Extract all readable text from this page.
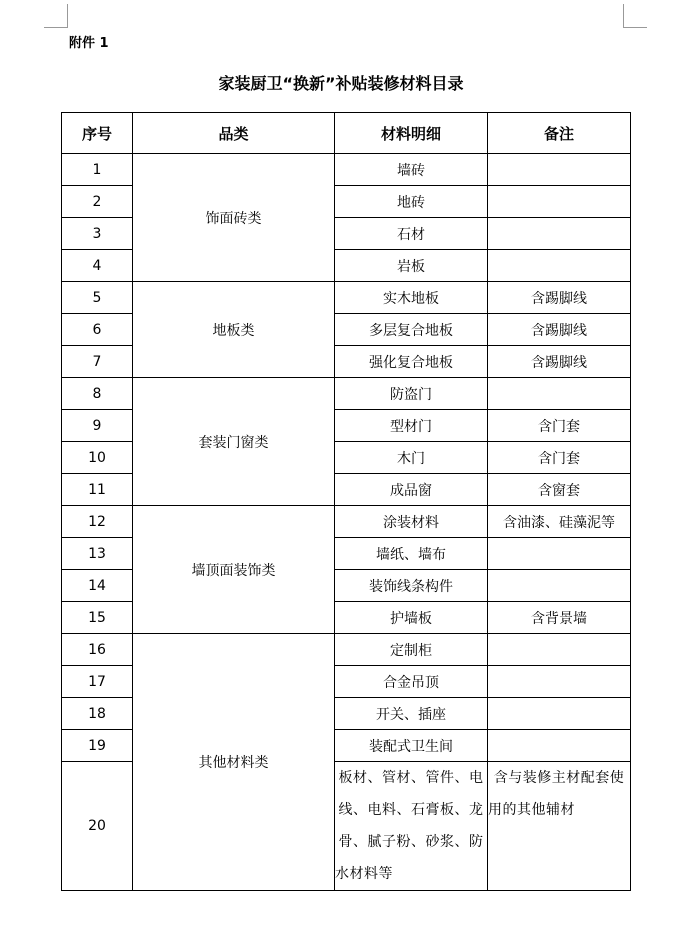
附件 1
家装厨卫“换新”补贴装修材料目录
序号	品类	材料明细	备注
1	饰面砖类	墙砖	
2		地砖	
3		石材	
4		岩板	
5	地板类	实木地板	含踢脚线
6		多层复合地板	含踢脚线
7		强化复合地板	含踢脚线
8	套装门窗类	防盗门	
9		型材门	含门套
10		木门	含门套
11		成品窗	含窗套
12	墙顶面装饰类	涂装材料	含油漆、硅藻泥等
13		墙纸、墙布	
14		装饰线条构件	
15		护墙板	含背景墙
16	其他材料类	定制柜	
17		合金吊顶	
18		开关、插座	
19		装配式卫生间	
20		板材、管材、管件、电线、电料、石膏板、龙骨、腻子粉、砂浆、防水材料等	含与装修主材配套使用的其他辅材
